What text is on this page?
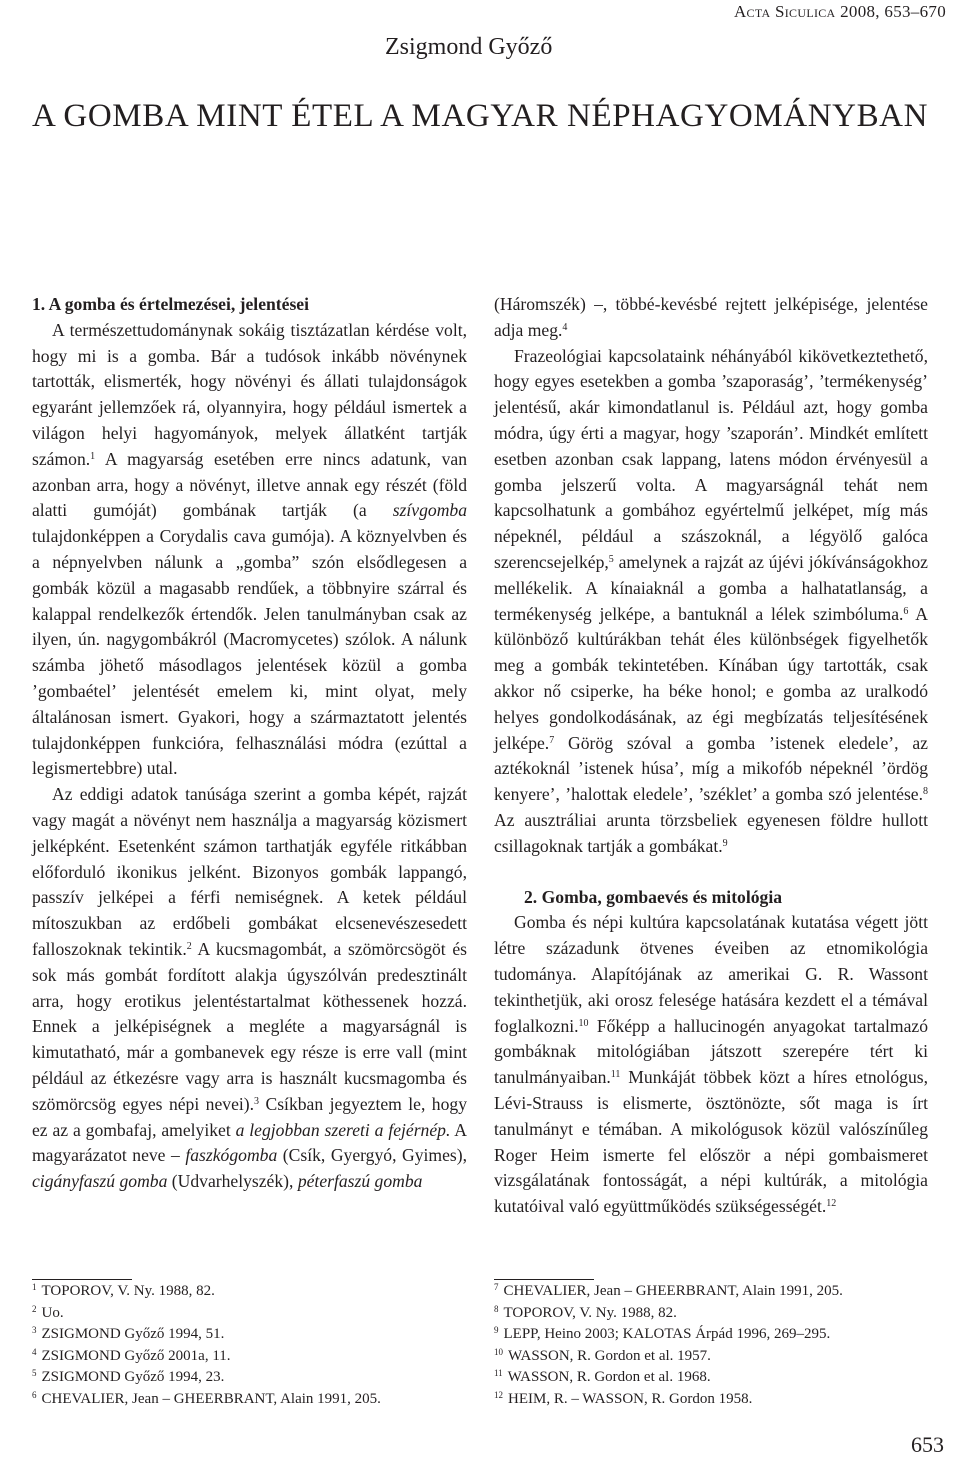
Acta Siculica 2008, 653–670
Zsigmond Győző
A GOMBA MINT ÉTEL A MAGYAR NÉPHAGYOMÁNYBAN
1. A gomba és értelmezései, jelentései

A természettudománynak sokáig tisztázatlan kérdése volt, hogy mi is a gomba. Bár a tudósok inkább növénynek tartották, elismerték, hogy növényi és állati tulajdonságok egyaránt jellemzőek rá, olyannyira, hogy például ismertek a világon helyi hagyományok, melyek állatként tartják számon.$^1$ A magyarság esetében erre nincs adatunk, van azonban arra, hogy a növényt, illetve annak egy részét (föld alatti gumóját) gombának tartják (a szívgomba tulajdonképpen a Corydalis cava gumója). A köznyelvben és a népnyelvben nálunk a „gomba” szón elsődlegesen a gombák közül a magasabb rendűek, a többnyire szárral és kalappal rendelkezők értendők. Jelen tanulmányban csak az ilyen, ún. nagygombákról (Macromycetes) szólok. A nálunk számba jöhető másodlagos jelentések közül a gomba ’gombaétel’ jelentését emelem ki, mint olyat, mely általánosan ismert. Gyakori, hogy a származtatott jelentés tulajdonképpen funkcióra, felhasználási módra (ezúttal a legismertebbre) utal.

Az eddigi adatok tanúsága szerint a gomba képét, rajzát vagy magát a növényt nem használja a magyarság közismert jelképként. Esetenként számon tarthatják egyféle ritkábban előforduló ikonikus jelként. Bizonyos gombák lappangó, passzív jelképei a férfi nemiségnek. A ketek például mítoszukban az erdőbeli gombákat elcsenevészesedett falloszoknak tekintik.$^2$ A kucsmagombát, a szömörcsögöt és sok más gombát fordított alakja úgyszólván predesztinált arra, hogy erotikus jelentéstartalmat köthessenek hozzá. Ennek a jelképiségnek a megléte a magyarságnál is kimutatható, már a gombanevek egy része is erre vall (mint például az étkezésre vagy arra is használt kucsmagomba és szömörcsög egyes népi nevei).$^3$ Csíkban jegyeztem le, hogy ez az a gombafaj, amelyiket a legjobban szereti a fejérnép. A magyarázatot neve – faszkógomba (Csík, Gyergyó, Gyimes), cigányfaszú gomba (Udvarhelyszék), péterfaszú gomba

(Háromszék) –, többé-kevésbé rejtett jelképisége, jelentése adja meg.$^4$

Frazeológiai kapcsolataink néhányából kikövetkeztethető, hogy egyes esetekben a gomba ’szaporaság’, ’termékenység’ jelentésű, akár kimondatlanul is. Például azt, hogy gomba módra, úgy érti a magyar, hogy ’szaporán’. Mindkét említett esetben azonban csak lappang, latens módon érvényesül a gomba jelszerű volta. A magyarságnál tehát nem kapcsolhatunk a gombához egyértelmű jelképet, míg más népeknél, például a szászoknál, a légyölő galóca szerencsejelkép,$^5$ amelynek a rajzát az újévi jókívánságokhoz mellékelik. A kínaiaknál a gomba a halhatatlanság, a termékenység jelképe, a bantuknál a lélek szimbóluma.$^6$ A különböző kultúrákban tehát éles különbségek figyelhetők meg a gombák tekintetében. Kínában úgy tartották, csak akkor nő csiperke, ha béke honol; e gomba az uralkodó helyes gondolkodásának, az égi megbízatás teljesítésének jelképe.$^7$ Görög szóval a gomba ’istenek eledele’, az aztékoknál ’istenek húsa’, míg a mikofób népeknél ’ördög kenyere’, ’halottak eledele’, ’széklet’ a gomba szó jelentése.$^8$ Az ausztráliai arunta törzsbeliek egyenesen földre hullott csillagoknak tartják a gombákat.$^9$

2. Gomba, gombaevés és mitológia

Gomba és népi kultúra kapcsolatának kutatása végett jött létre századunk ötvenes éveiben az etnomikológia tudománya. Alapítójának az amerikai G. R. Wassont tekinthetjük, aki orosz felesége hatására kezdett el a témával foglalkozni.$^{10}$ Főképp a hallucinogén anyagokat tartalmazó gombáknak mitológiában játszott szerepére tért ki tanulmányaiban.$^{11}$ Munkáját többek közt a híres etnológus, Lévi-Strauss is elismerte, ösztönözte, sőt maga is írt tanulmányt e témában. A mikológusok közül valószínűleg Roger Heim ismerte fel először a népi gombaismeret vizsgálatának fontosságát, a népi kultúrák, a mitológia kutatóival való együttműködés szükségességét.$^{12}$

$^1$ TOPOROV, V. Ny. 1988, 82.
$^2$ Uo.
$^3$ ZSIGMOND Győző 1994, 51.
$^4$ ZSIGMOND Győző 2001a, 11.
$^5$ ZSIGMOND Győző 1994, 23.
$^6$ CHEVALIER, Jean – GHEERBRANT, Alain 1991, 205.
$^7$ CHEVALIER, Jean – GHEERBRANT, Alain 1991, 205.
$^8$ TOPOROV, V. Ny. 1988, 82.
$^9$ LEPP, Heino 2003; KALOTAS Árpád 1996, 269–295.
$^{10}$ WASSON, R. Gordon et al. 1957.
$^{11}$ WASSON, R. Gordon et al. 1968.
$^{12}$ HEIM, R. – WASSON, R. Gordon 1958.
653
